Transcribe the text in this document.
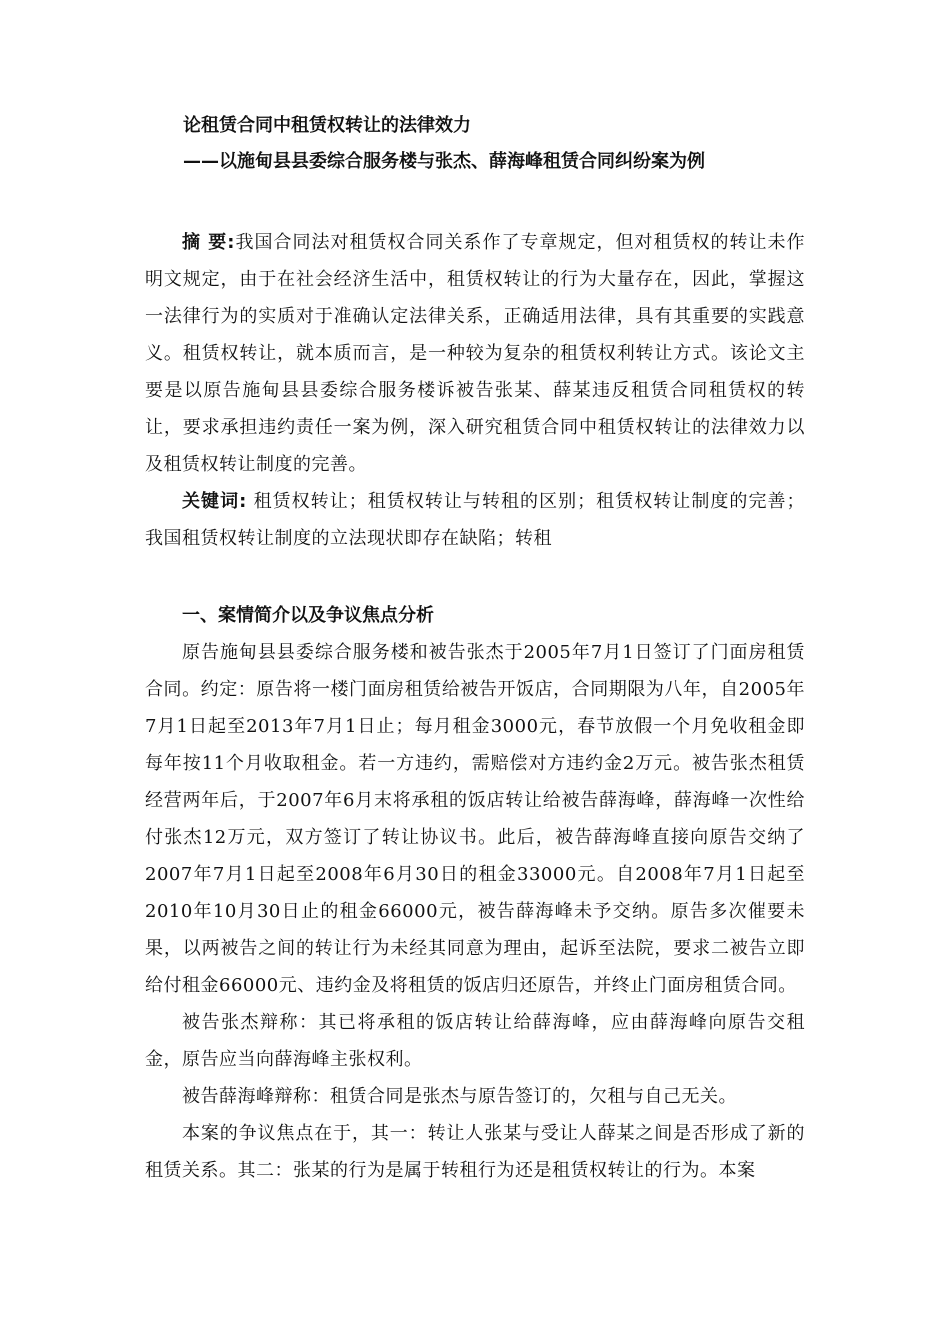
论租赁合同中租赁权转让的法律效力

——以施甸县县委综合服务楼与张杰、薛海峰租赁合同纠纷案为例

摘 要:我国合同法对租赁权合同关系作了专章规定，但对租赁权的转让未作明文规定，由于在社会经济生活中，租赁权转让的行为大量存在，因此，掌握这一法律行为的实质对于准确认定法律关系，正确适用法律，具有其重要的实践意义。租赁权转让，就本质而言，是一种较为复杂的租赁权利转让方式。该论文主要是以原告施甸县县委综合服务楼诉被告张某、薛某违反租赁合同租赁权的转让，要求承担违约责任一案为例，深入研究租赁合同中租赁权转让的法律效力以及租赁权转让制度的完善。

关键词: 租赁权转让；租赁权转让与转租的区别；租赁权转让制度的完善；我国租赁权转让制度的立法现状即存在缺陷；转租

一、案情简介以及争议焦点分析

原告施甸县县委综合服务楼和被告张杰于2005年7月1日签订了门面房租赁合同。约定：原告将一楼门面房租赁给被告开饭店，合同期限为八年，自2005年7月1日起至2013年7月1日止；每月租金3000元，春节放假一个月免收租金即每年按11个月收取租金。若一方违约，需赔偿对方违约金2万元。被告张杰租赁经营两年后，于2007年6月末将承租的饭店转让给被告薛海峰，薛海峰一次性给付张杰12万元，双方签订了转让协议书。此后，被告薛海峰直接向原告交纳了2007年7月1日起至2008年6月30日的租金33000元。自2008年7月1日起至2010年10月30日止的租金66000元，被告薛海峰未予交纳。原告多次催要未果，以两被告之间的转让行为未经其同意为理由，起诉至法院，要求二被告立即给付租金66000元、违约金及将租赁的饭店归还原告，并终止门面房租赁合同。

被告张杰辩称：其已将承租的饭店转让给薛海峰，应由薛海峰向原告交租金，原告应当向薛海峰主张权利。

被告薛海峰辩称：租赁合同是张杰与原告签订的，欠租与自己无关。

本案的争议焦点在于，其一：转让人张某与受让人薛某之间是否形成了新的租赁关系。其二：张某的行为是属于转租行为还是租赁权转让的行为。本案
